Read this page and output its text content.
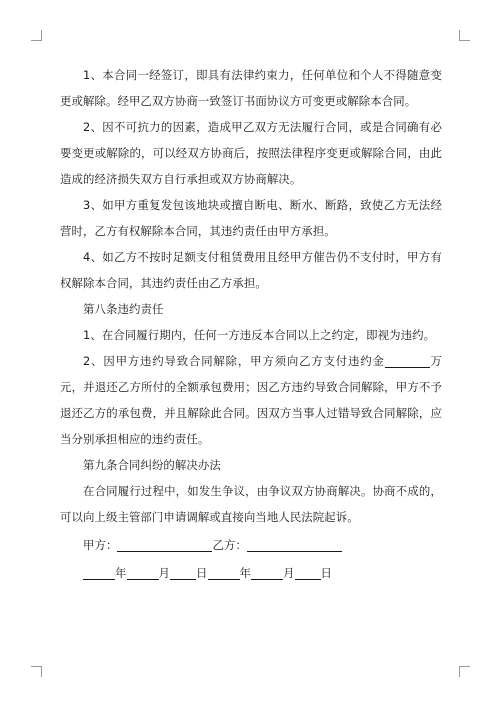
1、本合同一经签订，即具有法律约束力，任何单位和个人不得随意变更或解除。经甲乙双方协商一致签订书面协议方可变更或解除本合同。

2、因不可抗力的因素，造成甲乙双方无法履行合同，或是合同确有必要变更或解除的，可以经双方协商后，按照法律程序变更或解除合同，由此造成的经济损失双方自行承担或双方协商解决。

3、如甲方重复发包该地块或擅自断电、断水、断路，致使乙方无法经营时，乙方有权解除本合同，其违约责任由甲方承担。

4、如乙方不按时足额支付租赁费用且经甲方催告仍不支付时，甲方有权解除本合同，其违约责任由乙方承担。

第八条违约责任

1、在合同履行期内，任何一方违反本合同以上之约定，即视为违约。

2、因甲方违约导致合同解除，甲方须向乙方支付违约金	万元，并退还乙方所付的全额承包费用；因乙方违约导致合同解除，甲方不予退还乙方的承包费，并且解除此合同。因双方当事人过错导致合同解除，应当分别承担相应的违约责任。

第九条合同纠纷的解决办法

在合同履行过程中，如发生争议，由争议双方协商解决。协商不成的，可以向上级主管部门申请调解或直接向当地人民法院起诉。

甲方：	乙方：

年	月 日	年	月 日
